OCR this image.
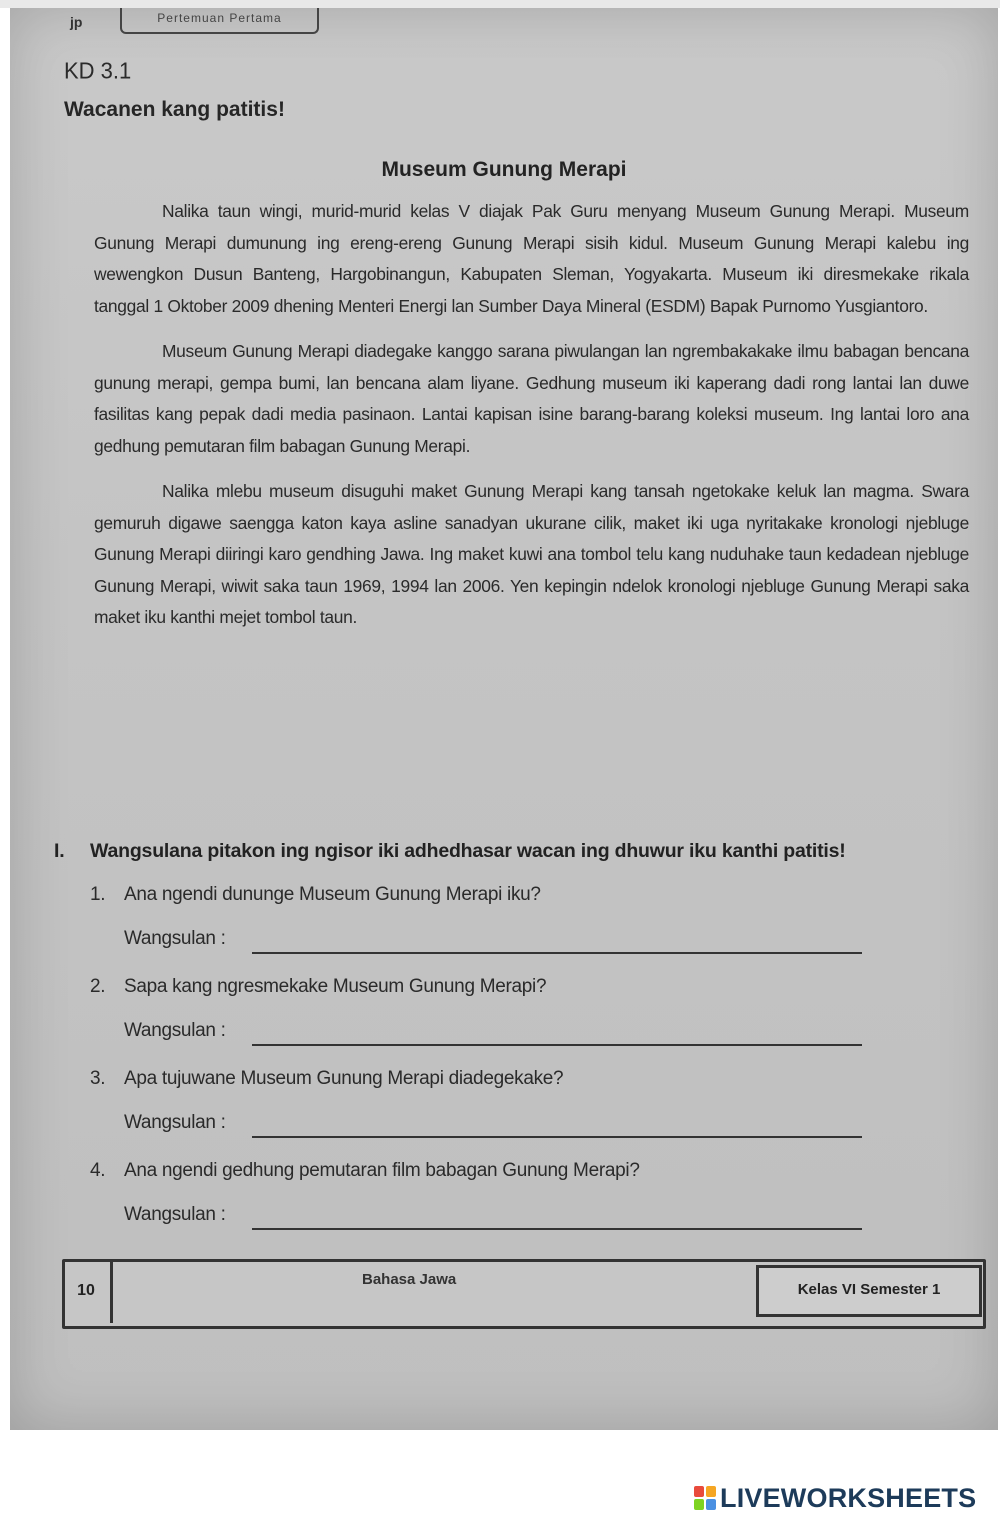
jp	Pertemuan Pertama
KD 3.1
Wacanen kang patitis!
Museum Gunung Merapi

Nalika taun wingi, murid-murid kelas V diajak Pak Guru menyang Museum Gunung Merapi. Museum Gunung Merapi dumunung ing ereng-ereng Gunung Merapi sisih kidul. Museum Gunung Merapi kalebu ing wewengkon Dusun Banteng, Hargobinangun, Kabupaten Sleman, Yogyakarta. Museum iki diresmekake rikala tanggal 1 Oktober 2009 dhening Menteri Energi lan Sumber Daya Mineral (ESDM) Bapak Purnomo Yusgiantoro.

Museum Gunung Merapi diadegake kanggo sarana piwulangan lan ngrembakakake ilmu babagan bencana gunung merapi, gempa bumi, lan bencana alam liyane. Gedhung museum iki kaperang dadi rong lantai lan duwe fasilitas kang pepak dadi media pasinaon. Lantai kapisan isine barang-barang koleksi museum. Ing lantai loro ana gedhung pemutaran film babagan Gunung Merapi.

Nalika mlebu museum disuguhi maket Gunung Merapi kang tansah ngetokake keluk lan magma. Swara gemuruh digawe saengga katon kaya asline sanadyan ukurane cilik, maket iki uga nyritakake kronologi njebluge Gunung Merapi diiringi karo gendhing Jawa. Ing maket kuwi ana tombol telu kang nuduhake taun kedadean njebluge Gunung Merapi, wiwit saka taun 1969, 1994 lan 2006. Yen kepingin ndelok kronologi njebluge Gunung Merapi saka maket iku kanthi mejet tombol taun.

I. Wangsulana pitakon ing ngisor iki adhedhasar wacan ing dhuwur iku kanthi patitis!
1. Ana ngendi dununge Museum Gunung Merapi iku?
Wangsulan :
2. Sapa kang ngresmekake Museum Gunung Merapi?
Wangsulan :
3. Apa tujuwane Museum Gunung Merapi diadegekake?
Wangsulan :
4. Ana ngendi gedhung pemutaran film babagan Gunung Merapi?
Wangsulan :
10
Bahasa Jawa
Kelas VI Semester 1
LIVEWORKSHEETS
